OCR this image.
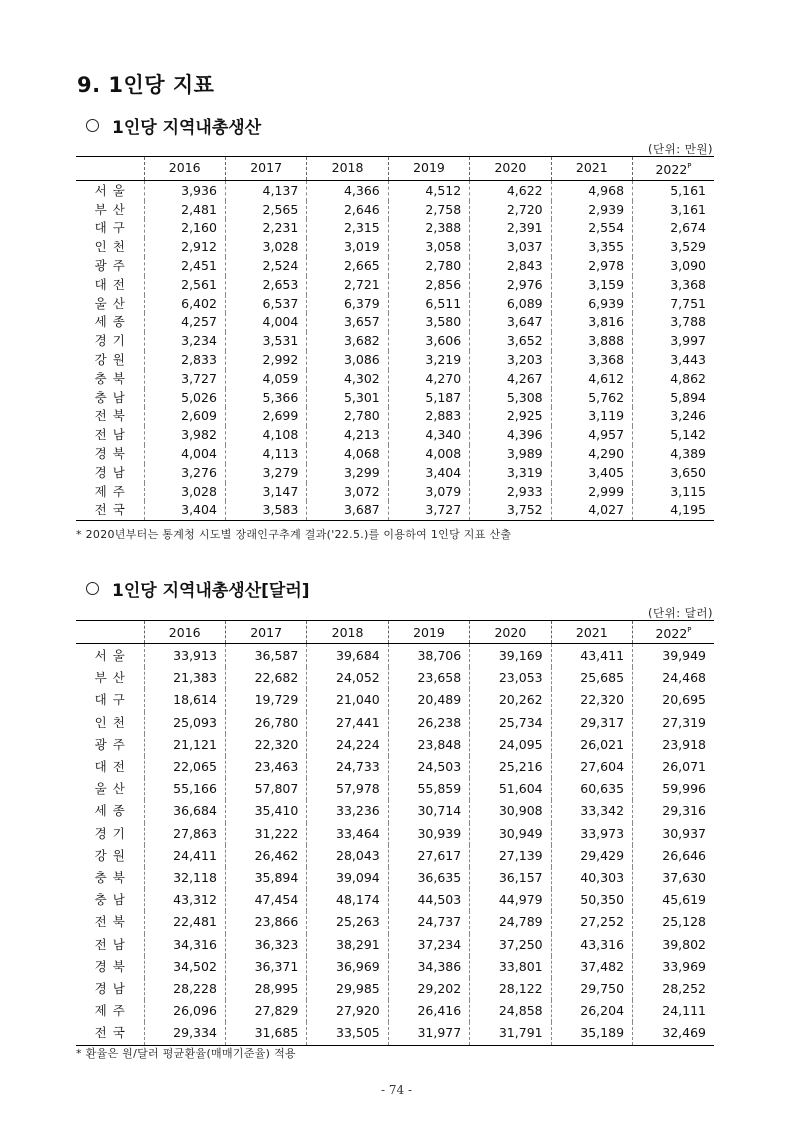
9. 1인당 지표
1인당 지역내총생산
(단위: 만원)
	2016	2017	2018	2019	2020	2021	$2022^P$
서울	3,936	4,137	4,366	4,512	4,622	4,968	5,161
부산	2,481	2,565	2,646	2,758	2,720	2,939	3,161
대구	2,160	2,231	2,315	2,388	2,391	2,554	2,674
인천	2,912	3,028	3,019	3,058	3,037	3,355	3,529
광주	2,451	2,524	2,665	2,780	2,843	2,978	3,090
대전	2,561	2,653	2,721	2,856	2,976	3,159	3,368
울산	6,402	6,537	6,379	6,511	6,089	6,939	7,751
세종	4,257	4,004	3,657	3,580	3,647	3,816	3,788
경기	3,234	3,531	3,682	3,606	3,652	3,888	3,997
강원	2,833	2,992	3,086	3,219	3,203	3,368	3,443
충북	3,727	4,059	4,302	4,270	4,267	4,612	4,862
충남	5,026	5,366	5,301	5,187	5,308	5,762	5,894
전북	2,609	2,699	2,780	2,883	2,925	3,119	3,246
전남	3,982	4,108	4,213	4,340	4,396	4,957	5,142
경북	4,004	4,113	4,068	4,008	3,989	4,290	4,389
경남	3,276	3,279	3,299	3,404	3,319	3,405	3,650
제주	3,028	3,147	3,072	3,079	2,933	2,999	3,115
전국	3,404	3,583	3,687	3,727	3,752	4,027	4,195
* 2020년부터는 통계청 시도별 장래인구추계 결과('22.5.)를 이용하여 1인당 지표 산출
1인당 지역내총생산[달러]
(단위: 달러)
	2016	2017	2018	2019	2020	2021	$2022^P$
서울	33,913	36,587	39,684	38,706	39,169	43,411	39,949
부산	21,383	22,682	24,052	23,658	23,053	25,685	24,468
대구	18,614	19,729	21,040	20,489	20,262	22,320	20,695
인천	25,093	26,780	27,441	26,238	25,734	29,317	27,319
광주	21,121	22,320	24,224	23,848	24,095	26,021	23,918
대전	22,065	23,463	24,733	24,503	25,216	27,604	26,071
울산	55,166	57,807	57,978	55,859	51,604	60,635	59,996
세종	36,684	35,410	33,236	30,714	30,908	33,342	29,316
경기	27,863	31,222	33,464	30,939	30,949	33,973	30,937
강원	24,411	26,462	28,043	27,617	27,139	29,429	26,646
충북	32,118	35,894	39,094	36,635	36,157	40,303	37,630
충남	43,312	47,454	48,174	44,503	44,979	50,350	45,619
전북	22,481	23,866	25,263	24,737	24,789	27,252	25,128
전남	34,316	36,323	38,291	37,234	37,250	43,316	39,802
경북	34,502	36,371	36,969	34,386	33,801	37,482	33,969
경남	28,228	28,995	29,985	29,202	28,122	29,750	28,252
제주	26,096	27,829	27,920	26,416	24,858	26,204	24,111
전국	29,334	31,685	33,505	31,977	31,791	35,189	32,469
* 환율은 원/달러 평균환율(매매기준율) 적용
- 74 -
